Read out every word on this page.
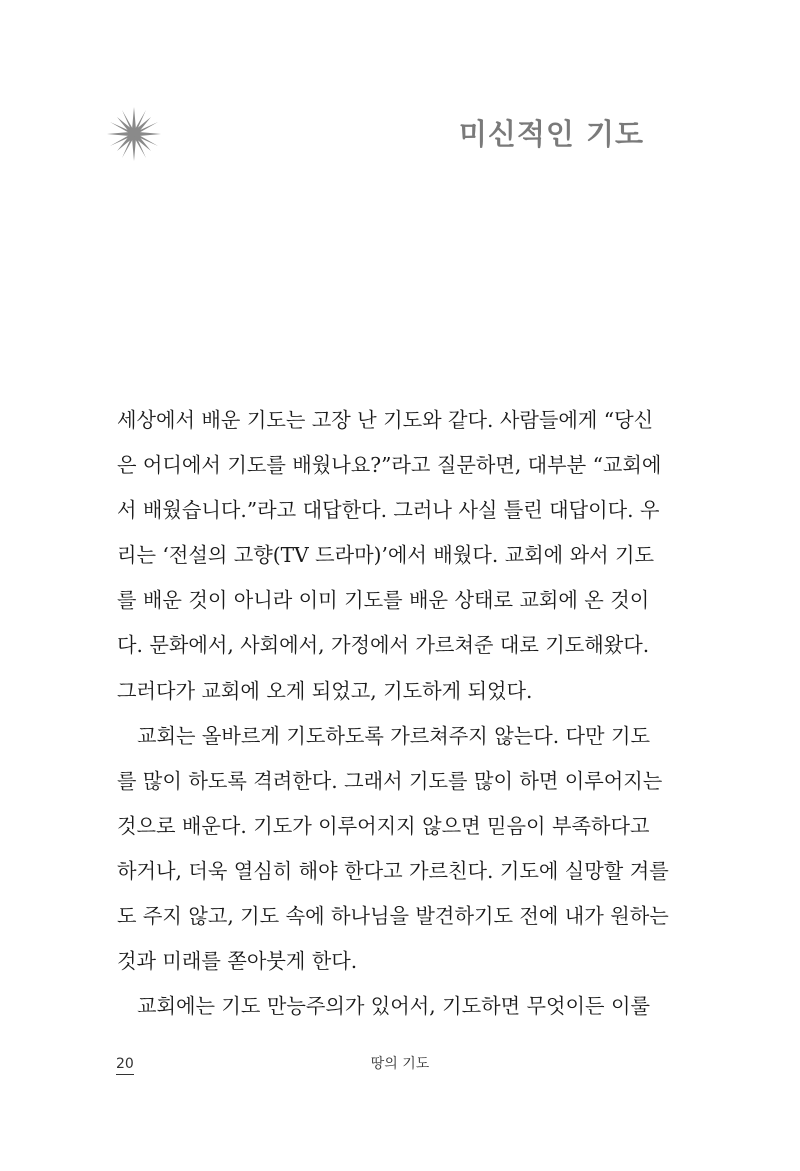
미신적인 기도
세상에서 배운 기도는 고장 난 기도와 같다. 사람들에게 “당신
은 어디에서 기도를 배웠나요?”라고 질문하면, 대부분 “교회에
서 배웠습니다.”라고 대답한다. 그러나 사실 틀린 대답이다. 우
리는 ‘전설의 고향(TV 드라마)’에서 배웠다. 교회에 와서 기도
를 배운 것이 아니라 이미 기도를 배운 상태로 교회에 온 것이
다. 문화에서, 사회에서, 가정에서 가르쳐준 대로 기도해왔다.
그러다가 교회에 오게 되었고, 기도하게 되었다.
교회는 올바르게 기도하도록 가르쳐주지 않는다. 다만 기도
를 많이 하도록 격려한다. 그래서 기도를 많이 하면 이루어지는
것으로 배운다. 기도가 이루어지지 않으면 믿음이 부족하다고
하거나, 더욱 열심히 해야 한다고 가르친다. 기도에 실망할 겨를
도 주지 않고, 기도 속에 하나님을 발견하기도 전에 내가 원하는
것과 미래를 쫃아붓게 한다.
교회에는 기도 만능주의가 있어서, 기도하면 무엇이든 이룰
20	땅의 기도
